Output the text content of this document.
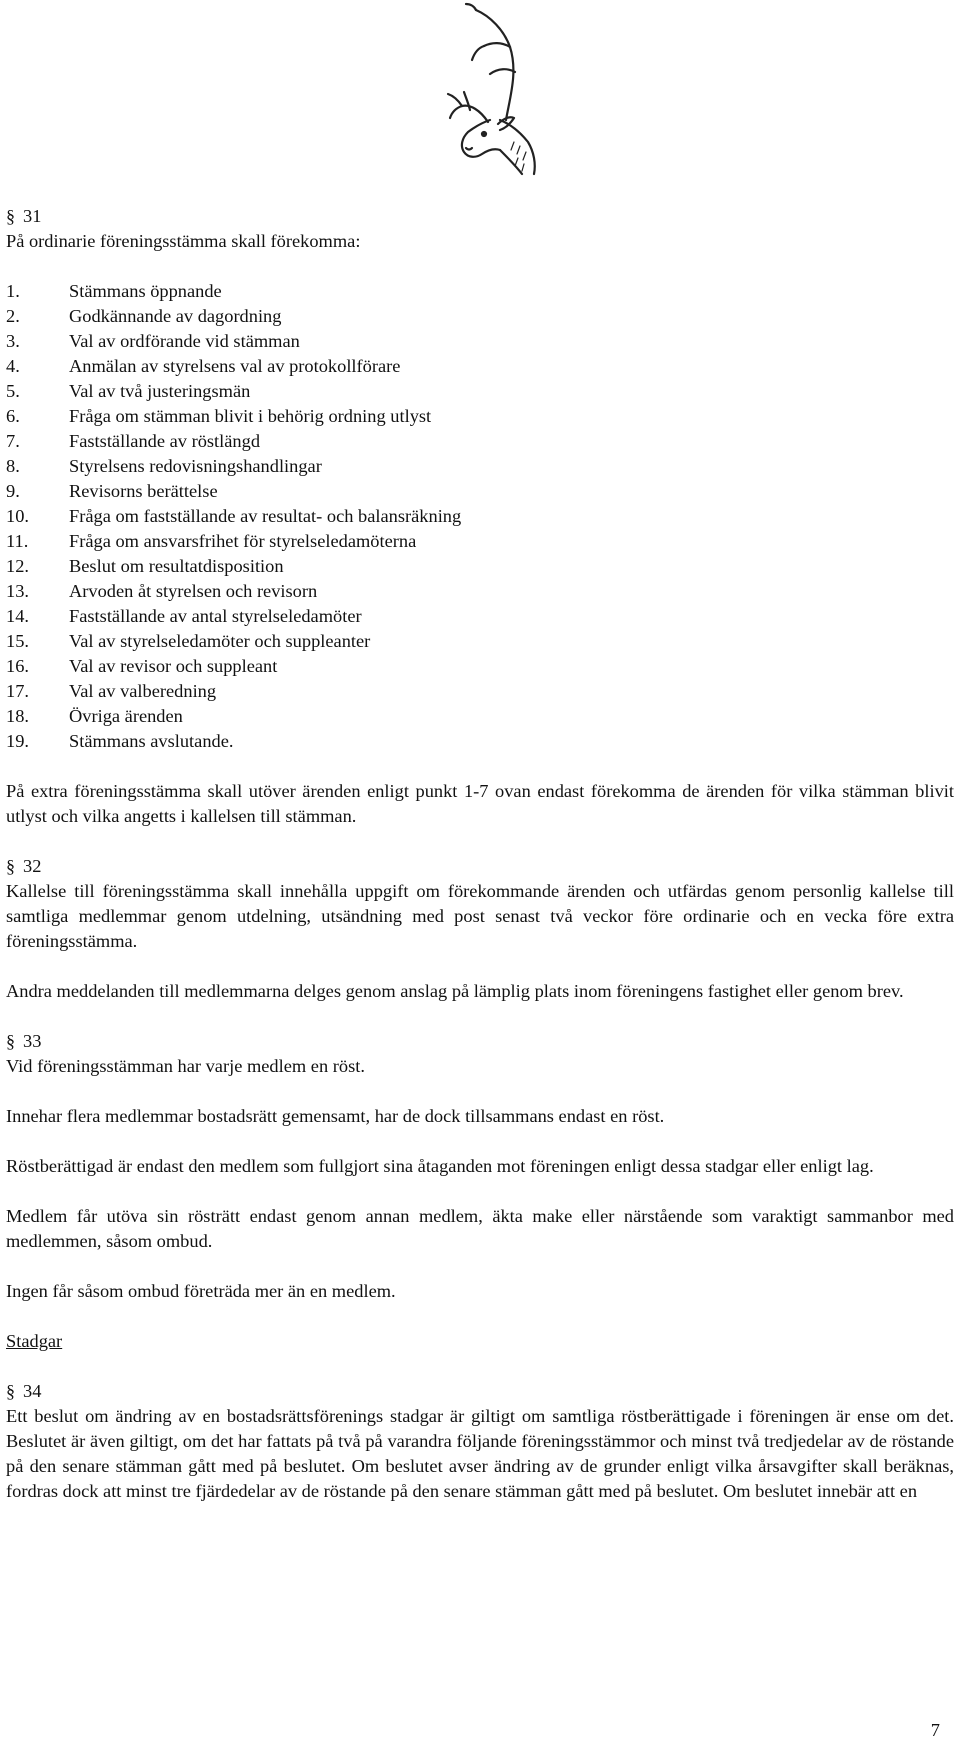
§ 31

På ordinarie föreningsstämma skall förekomma:

1.	Stämmans öppnande
2.	Godkännande av dagordning
3.	Val av ordförande vid stämman
4.	Anmälan av styrelsens val av protokollförare
5.	Val av två justeringsmän
6.	Fråga om stämman blivit i behörig ordning utlyst
7.	Fastställande av röstlängd
8.	Styrelsens redovisningshandlingar
9.	Revisorns berättelse
10. Fråga om fastställande av resultat- och balansräkning
11. Fråga om ansvarsfrihet för styrelseledamöterna
12. Beslut om resultatdisposition
13. Arvoden åt styrelsen och revisorn
14. Fastställande av antal styrelseledamöter
15. Val av styrelseledamöter och suppleanter
16. Val av revisor och suppleant
17. Val av valberedning
18. Övriga ärenden
19. Stämmans avslutande.

På extra föreningsstämma skall utöver ärenden enligt punkt 1-7 ovan endast förekomma de ärenden för vilka stämman blivit utlyst och vilka angetts i kallelsen till stämman.

§ 32

Kallelse till föreningsstämma skall innehålla uppgift om förekommande ärenden och utfärdas genom personlig kallelse till samtliga medlemmar genom utdelning, utsändning med post senast två veckor före ordinarie och en vecka före extra föreningsstämma.

Andra meddelanden till medlemmarna delges genom anslag på lämplig plats inom föreningens fastighet eller genom brev.

§ 33

Vid föreningsstämman har varje medlem en röst.

Innehar flera medlemmar bostadsrätt gemensamt, har de dock tillsammans endast en röst.

Röstberättigad är endast den medlem som fullgjort sina åtaganden mot föreningen enligt dessa stadgar eller enligt lag.

Medlem får utöva sin rösträtt endast genom annan medlem, äkta make eller närstående som varaktigt sammanbor med medlemmen, såsom ombud.

Ingen får såsom ombud företräda mer än en medlem.

Stadgar

§ 34

Ett beslut om ändring av en bostadsrättsförenings stadgar är giltigt om samtliga röstberättigade i föreningen är ense om det. Beslutet är även giltigt, om det har fattats på två på varandra följande föreningsstämmor och minst två tredjedelar av de röstande på den senare stämman gått med på beslutet. Om beslutet avser ändring av de grunder enligt vilka årsavgifter skall beräknas, fordras dock att minst tre fjärdedelar av de röstande på den senare stämman gått med på beslutet. Om beslutet innebär att en

7
